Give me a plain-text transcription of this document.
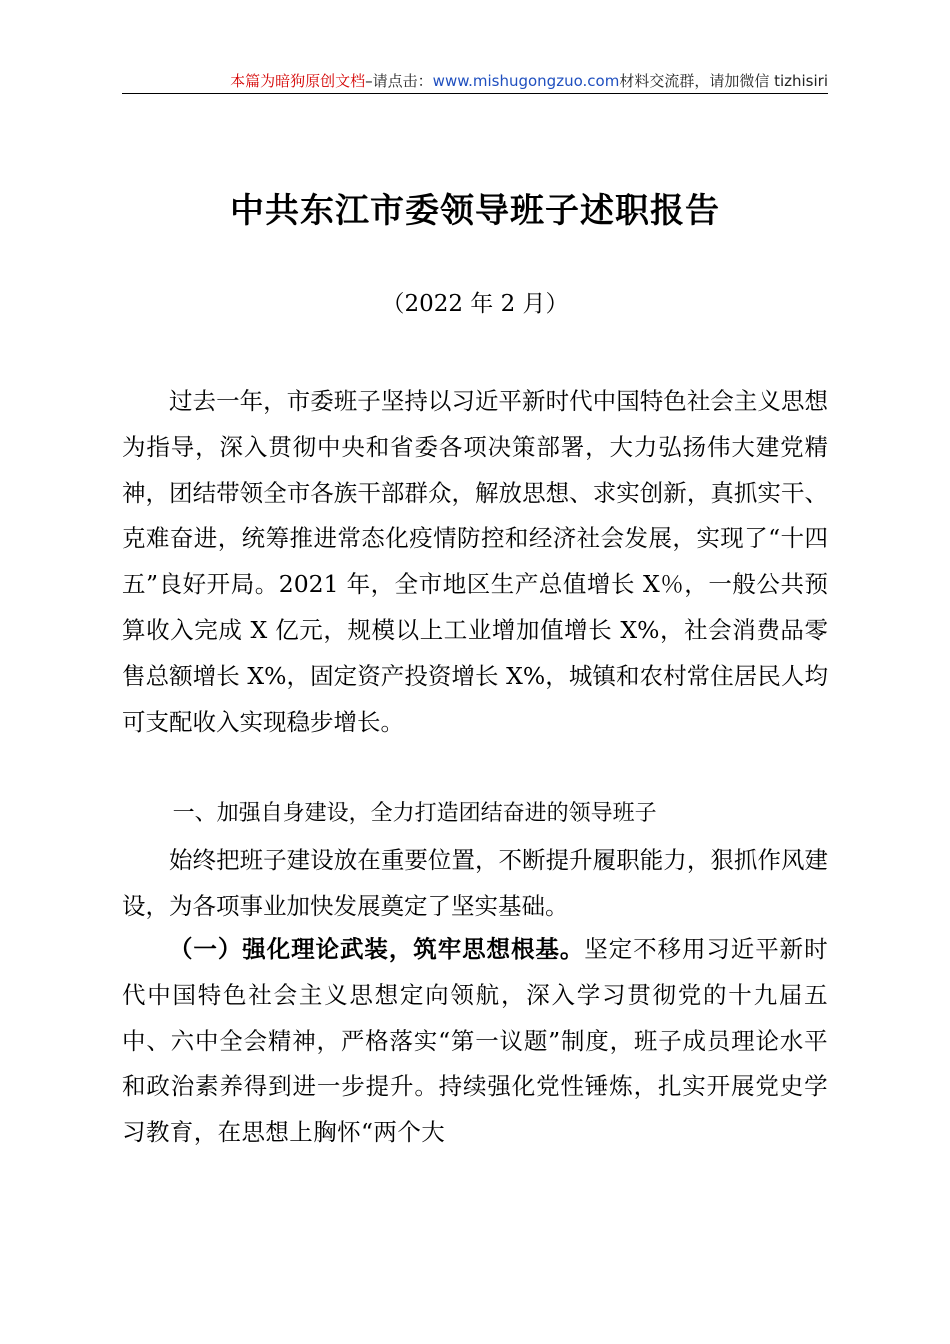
本篇为暗狗原创文档–请点击：www.mishugongzuo.com材料交流群，请加微信 tizhisiri
中共东江市委领导班子述职报告
（2022 年 2 月）

过去一年，市委班子坚持以习近平新时代中国特色社会主义思想为指导，深入贯彻中央和省委各项决策部署，大力弘扬伟大建党精神，团结带领全市各族干部群众，解放思想、求实创新，真抓实干、克难奋进，统筹推进常态化疫情防控和经济社会发展，实现了“十四五”良好开局。2021 年，全市地区生产总值增长 X％，一般公共预算收入完成 X 亿元，规模以上工业增加值增长 X%，社会消费品零售总额增长 X%，固定资产投资增长 X%，城镇和农村常住居民人均可支配收入实现稳步增长。

一、加强自身建设，全力打造团结奋进的领导班子

始终把班子建设放在重要位置，不断提升履职能力，狠抓作风建设，为各项事业加快发展奠定了坚实基础。

（一）强化理论武装，筑牢思想根基。坚定不移用习近平新时代中国特色社会主义思想定向领航，深入学习贯彻党的十九届五中、六中全会精神，严格落实“第一议题”制度，班子成员理论水平和政治素养得到进一步提升。持续强化党性锤炼，扎实开展党史学习教育，在思想上胸怀“两个大
